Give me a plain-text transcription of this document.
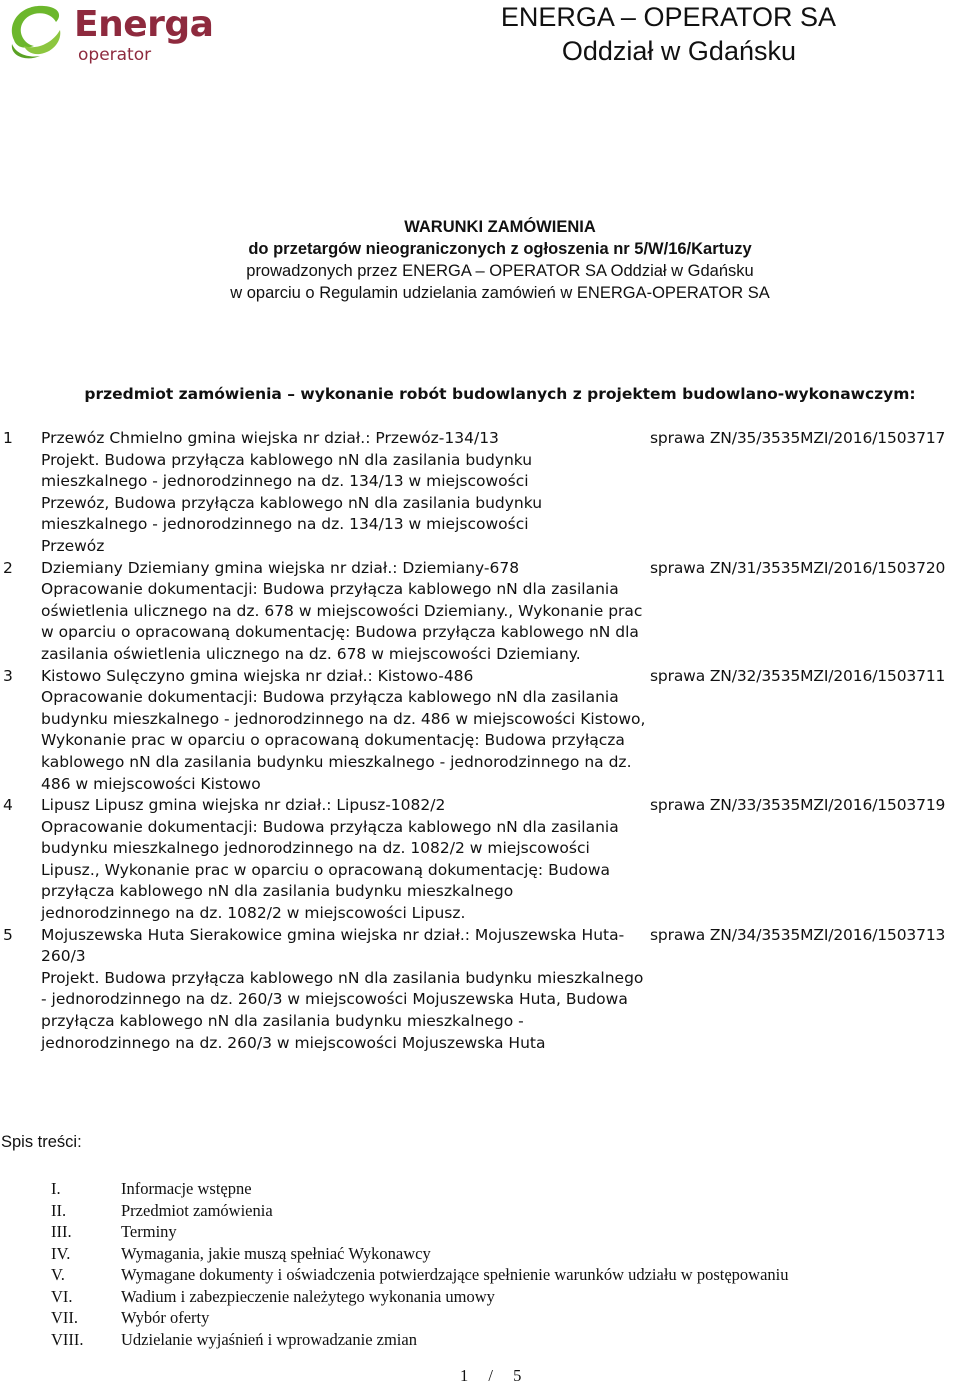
Energa
operator
ENERGA – OPERATOR SA
Oddział w Gdańsku
WARUNKI ZAMÓWIENIA
do przetargów nieograniczonych z ogłoszenia nr 5/W/16/Kartuzy
prowadzonych przez ENERGA – OPERATOR SA Oddział w Gdańsku
w oparciu o Regulamin udzielania zamówień w ENERGA-OPERATOR SA
przedmiot zamówienia – wykonanie robót budowlanych z projektem budowlano-wykonawczym:
1 Przewóz Chmielno gmina wiejska nr dział.: Przewóz-134/13
Projekt. Budowa przyłącza kablowego nN dla zasilania budynku mieszkalnego - jednorodzinnego na dz. 134/13 w miejscowości Przewóz, Budowa przyłącza kablowego nN dla zasilania budynku mieszkalnego - jednorodzinnego na dz. 134/13 w miejscowości Przewóz
sprawa ZN/35/3535MZI/2016/1503717
2 Dziemiany Dziemiany gmina wiejska nr dział.: Dziemiany-678
Opracowanie dokumentacji: Budowa przyłącza kablowego nN dla zasilania oświetlenia ulicznego na dz. 678 w miejscowości Dziemiany., Wykonanie prac w oparciu o opracowaną dokumentację: Budowa przyłącza kablowego nN dla zasilania oświetlenia ulicznego na dz. 678 w miejscowości Dziemiany.
sprawa ZN/31/3535MZI/2016/1503720
3 Kistowo Sulęczyno gmina wiejska nr dział.: Kistowo-486
Opracowanie dokumentacji: Budowa przyłącza kablowego nN dla zasilania budynku mieszkalnego - jednorodzinnego na dz. 486 w miejscowości Kistowo, Wykonanie prac w oparciu o opracowaną dokumentację: Budowa przyłącza kablowego nN dla zasilania budynku mieszkalnego - jednorodzinnego na dz. 486 w miejscowości Kistowo
sprawa ZN/32/3535MZI/2016/1503711
4 Lipusz Lipusz gmina wiejska nr dział.: Lipusz-1082/2
Opracowanie dokumentacji: Budowa przyłącza kablowego nN dla zasilania budynku mieszkalnego jednorodzinnego na dz. 1082/2 w miejscowości Lipusz., Wykonanie prac w oparciu o opracowaną dokumentację: Budowa przyłącza kablowego nN dla zasilania budynku mieszkalnego jednorodzinnego na dz. 1082/2 w miejscowości Lipusz.
sprawa ZN/33/3535MZI/2016/1503719
5 Mojuszewska Huta Sierakowice gmina wiejska nr dział.: Mojuszewska Huta-260/3
Projekt. Budowa przyłącza kablowego nN dla zasilania budynku mieszkalnego - jednorodzinnego na dz. 260/3 w miejscowości Mojuszewska Huta, Budowa przyłącza kablowego nN dla zasilania budynku mieszkalnego - jednorodzinnego na dz. 260/3 w miejscowości Mojuszewska Huta
sprawa ZN/34/3535MZI/2016/1503713
Spis treści:
I.	Informacje wstępne
II.	Przedmiot zamówienia
III.	Terminy
IV.	Wymagania, jakie muszą spełniać Wykonawcy
V.	Wymagane dokumenty i oświadczenia potwierdzające spełnienie warunków udziału w postępowaniu
VI.	Wadium i zabezpieczenie należytego wykonania umowy
VII.	Wybór oferty
VIII. Udzielanie wyjaśnień i wprowadzanie zmian
1 / 5
